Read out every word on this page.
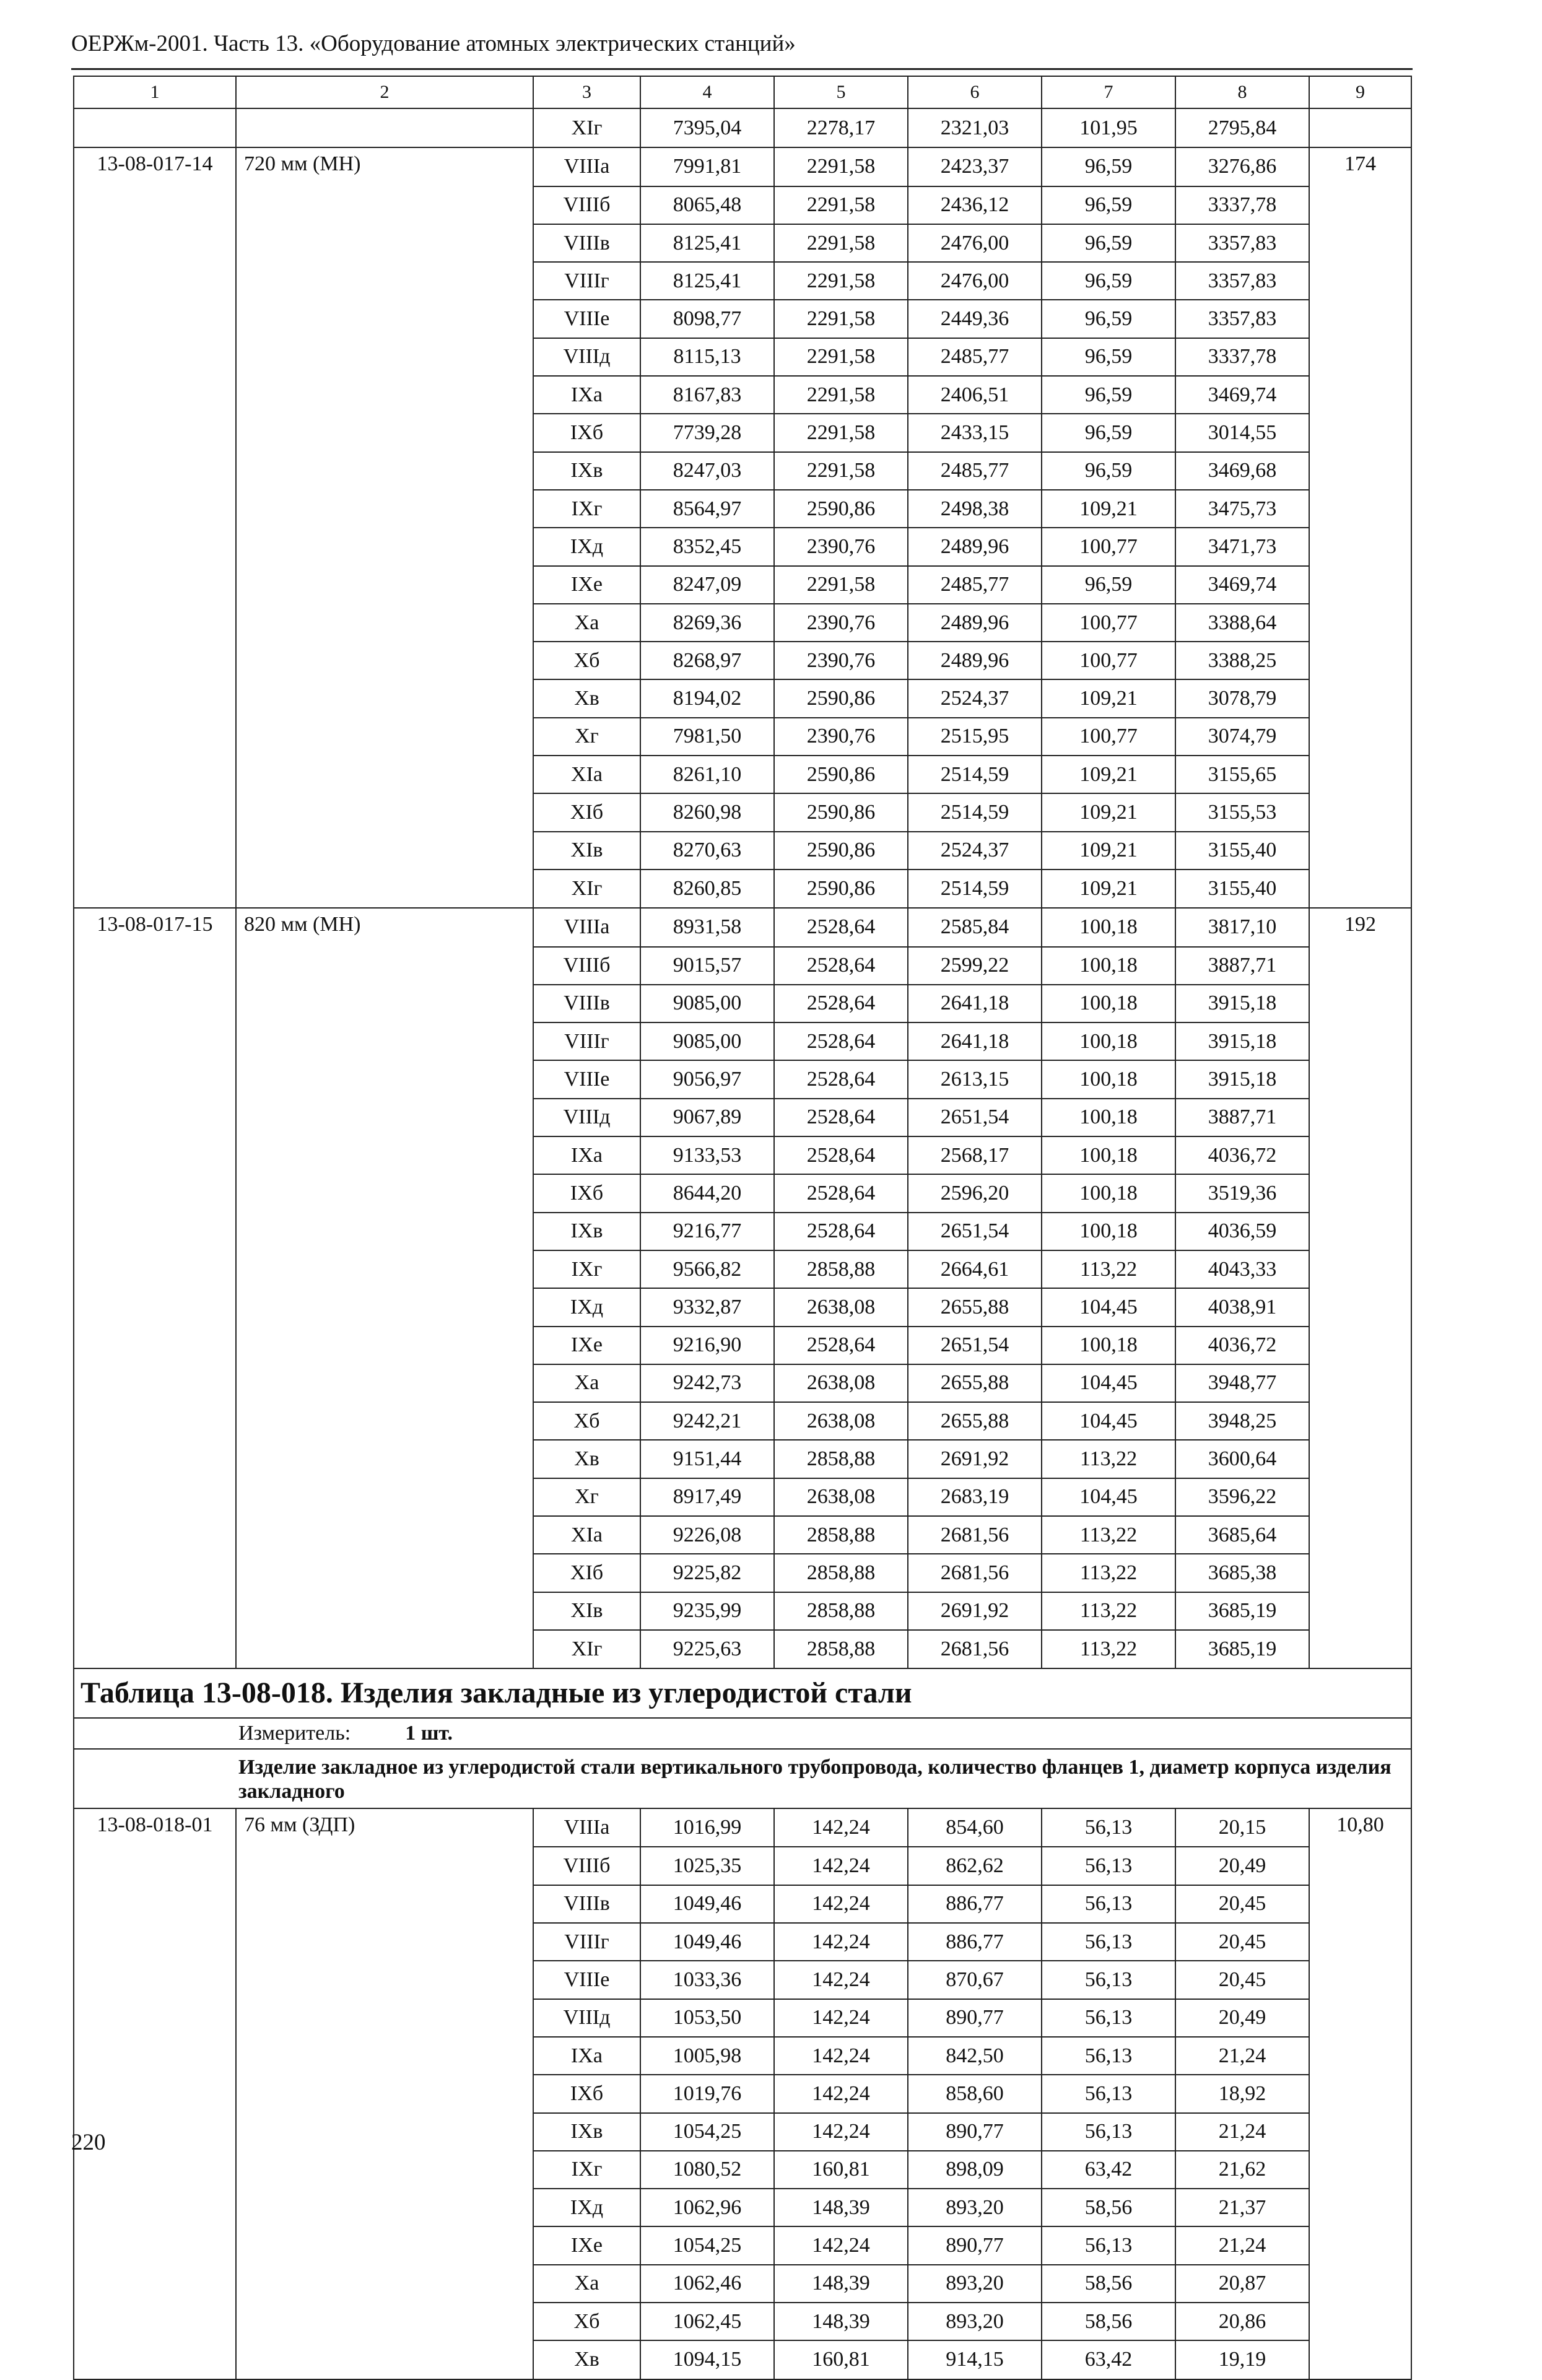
ОЕРЖм-2001. Часть 13. «Оборудование атомных электрических станций»
1	2	3	4	5	6	7	8	9
		XIг	7395,04	2278,17	2321,03	101,95	2795,84	
13-08-017-14	720 мм (МН)	VIIIа	7991,81	2291,58	2423,37	96,59	3276,86	174
		VIIIб	8065,48	2291,58	2436,12	96,59	3337,78	
		VIIIв	8125,41	2291,58	2476,00	96,59	3357,83	
		VIIIг	8125,41	2291,58	2476,00	96,59	3357,83	
		VIIIе	8098,77	2291,58	2449,36	96,59	3357,83	
		VIIIд	8115,13	2291,58	2485,77	96,59	3337,78	
		IXа	8167,83	2291,58	2406,51	96,59	3469,74	
		IXб	7739,28	2291,58	2433,15	96,59	3014,55	
		IXв	8247,03	2291,58	2485,77	96,59	3469,68	
		IXг	8564,97	2590,86	2498,38	109,21	3475,73	
		IXд	8352,45	2390,76	2489,96	100,77	3471,73	
		IXе	8247,09	2291,58	2485,77	96,59	3469,74	
		Xа	8269,36	2390,76	2489,96	100,77	3388,64	
		Xб	8268,97	2390,76	2489,96	100,77	3388,25	
		Xв	8194,02	2590,86	2524,37	109,21	3078,79	
		Xг	7981,50	2390,76	2515,95	100,77	3074,79	
		XIа	8261,10	2590,86	2514,59	109,21	3155,65	
		XIб	8260,98	2590,86	2514,59	109,21	3155,53	
		XIв	8270,63	2590,86	2524,37	109,21	3155,40	
		XIг	8260,85	2590,86	2514,59	109,21	3155,40	
13-08-017-15	820 мм (МН)	VIIIа	8931,58	2528,64	2585,84	100,18	3817,10	192
		VIIIб	9015,57	2528,64	2599,22	100,18	3887,71	
		VIIIв	9085,00	2528,64	2641,18	100,18	3915,18	
		VIIIг	9085,00	2528,64	2641,18	100,18	3915,18	
		VIIIе	9056,97	2528,64	2613,15	100,18	3915,18	
		VIIIд	9067,89	2528,64	2651,54	100,18	3887,71	
		IXа	9133,53	2528,64	2568,17	100,18	4036,72	
		IXб	8644,20	2528,64	2596,20	100,18	3519,36	
		IXв	9216,77	2528,64	2651,54	100,18	4036,59	
		IXг	9566,82	2858,88	2664,61	113,22	4043,33	
		IXд	9332,87	2638,08	2655,88	104,45	4038,91	
		IXе	9216,90	2528,64	2651,54	100,18	4036,72	
		Xа	9242,73	2638,08	2655,88	104,45	3948,77	
		Xб	9242,21	2638,08	2655,88	104,45	3948,25	
		Xв	9151,44	2858,88	2691,92	113,22	3600,64	
		Xг	8917,49	2638,08	2683,19	104,45	3596,22	
		XIа	9226,08	2858,88	2681,56	113,22	3685,64	
		XIб	9225,82	2858,88	2681,56	113,22	3685,38	
		XIв	9235,99	2858,88	2691,92	113,22	3685,19	
		XIг	9225,63	2858,88	2681,56	113,22	3685,19	
Таблица 13-08-018. Изделия закладные из углеродистой стали								
Измеритель: 1 шт.								
Изделие закладное из углеродистой стали вертикального трубопровода, количество фланцев 1, диаметр корпуса изделия закладного								
13-08-018-01	76 мм (ЗДП)	VIIIа	1016,99	142,24	854,60	56,13	20,15	10,80
		VIIIб	1025,35	142,24	862,62	56,13	20,49	
		VIIIв	1049,46	142,24	886,77	56,13	20,45	
		VIIIг	1049,46	142,24	886,77	56,13	20,45	
		VIIIе	1033,36	142,24	870,67	56,13	20,45	
		VIIIд	1053,50	142,24	890,77	56,13	20,49	
		IXа	1005,98	142,24	842,50	56,13	21,24	
		IXб	1019,76	142,24	858,60	56,13	18,92	
		IXв	1054,25	142,24	890,77	56,13	21,24	
		IXг	1080,52	160,81	898,09	63,42	21,62	
		IXд	1062,96	148,39	893,20	58,56	21,37	
		IXе	1054,25	142,24	890,77	56,13	21,24	
		Xа	1062,46	148,39	893,20	58,56	20,87	
		Xб	1062,45	148,39	893,20	58,56	20,86	
		Xв	1094,15	160,81	914,15	63,42	19,19	
220
